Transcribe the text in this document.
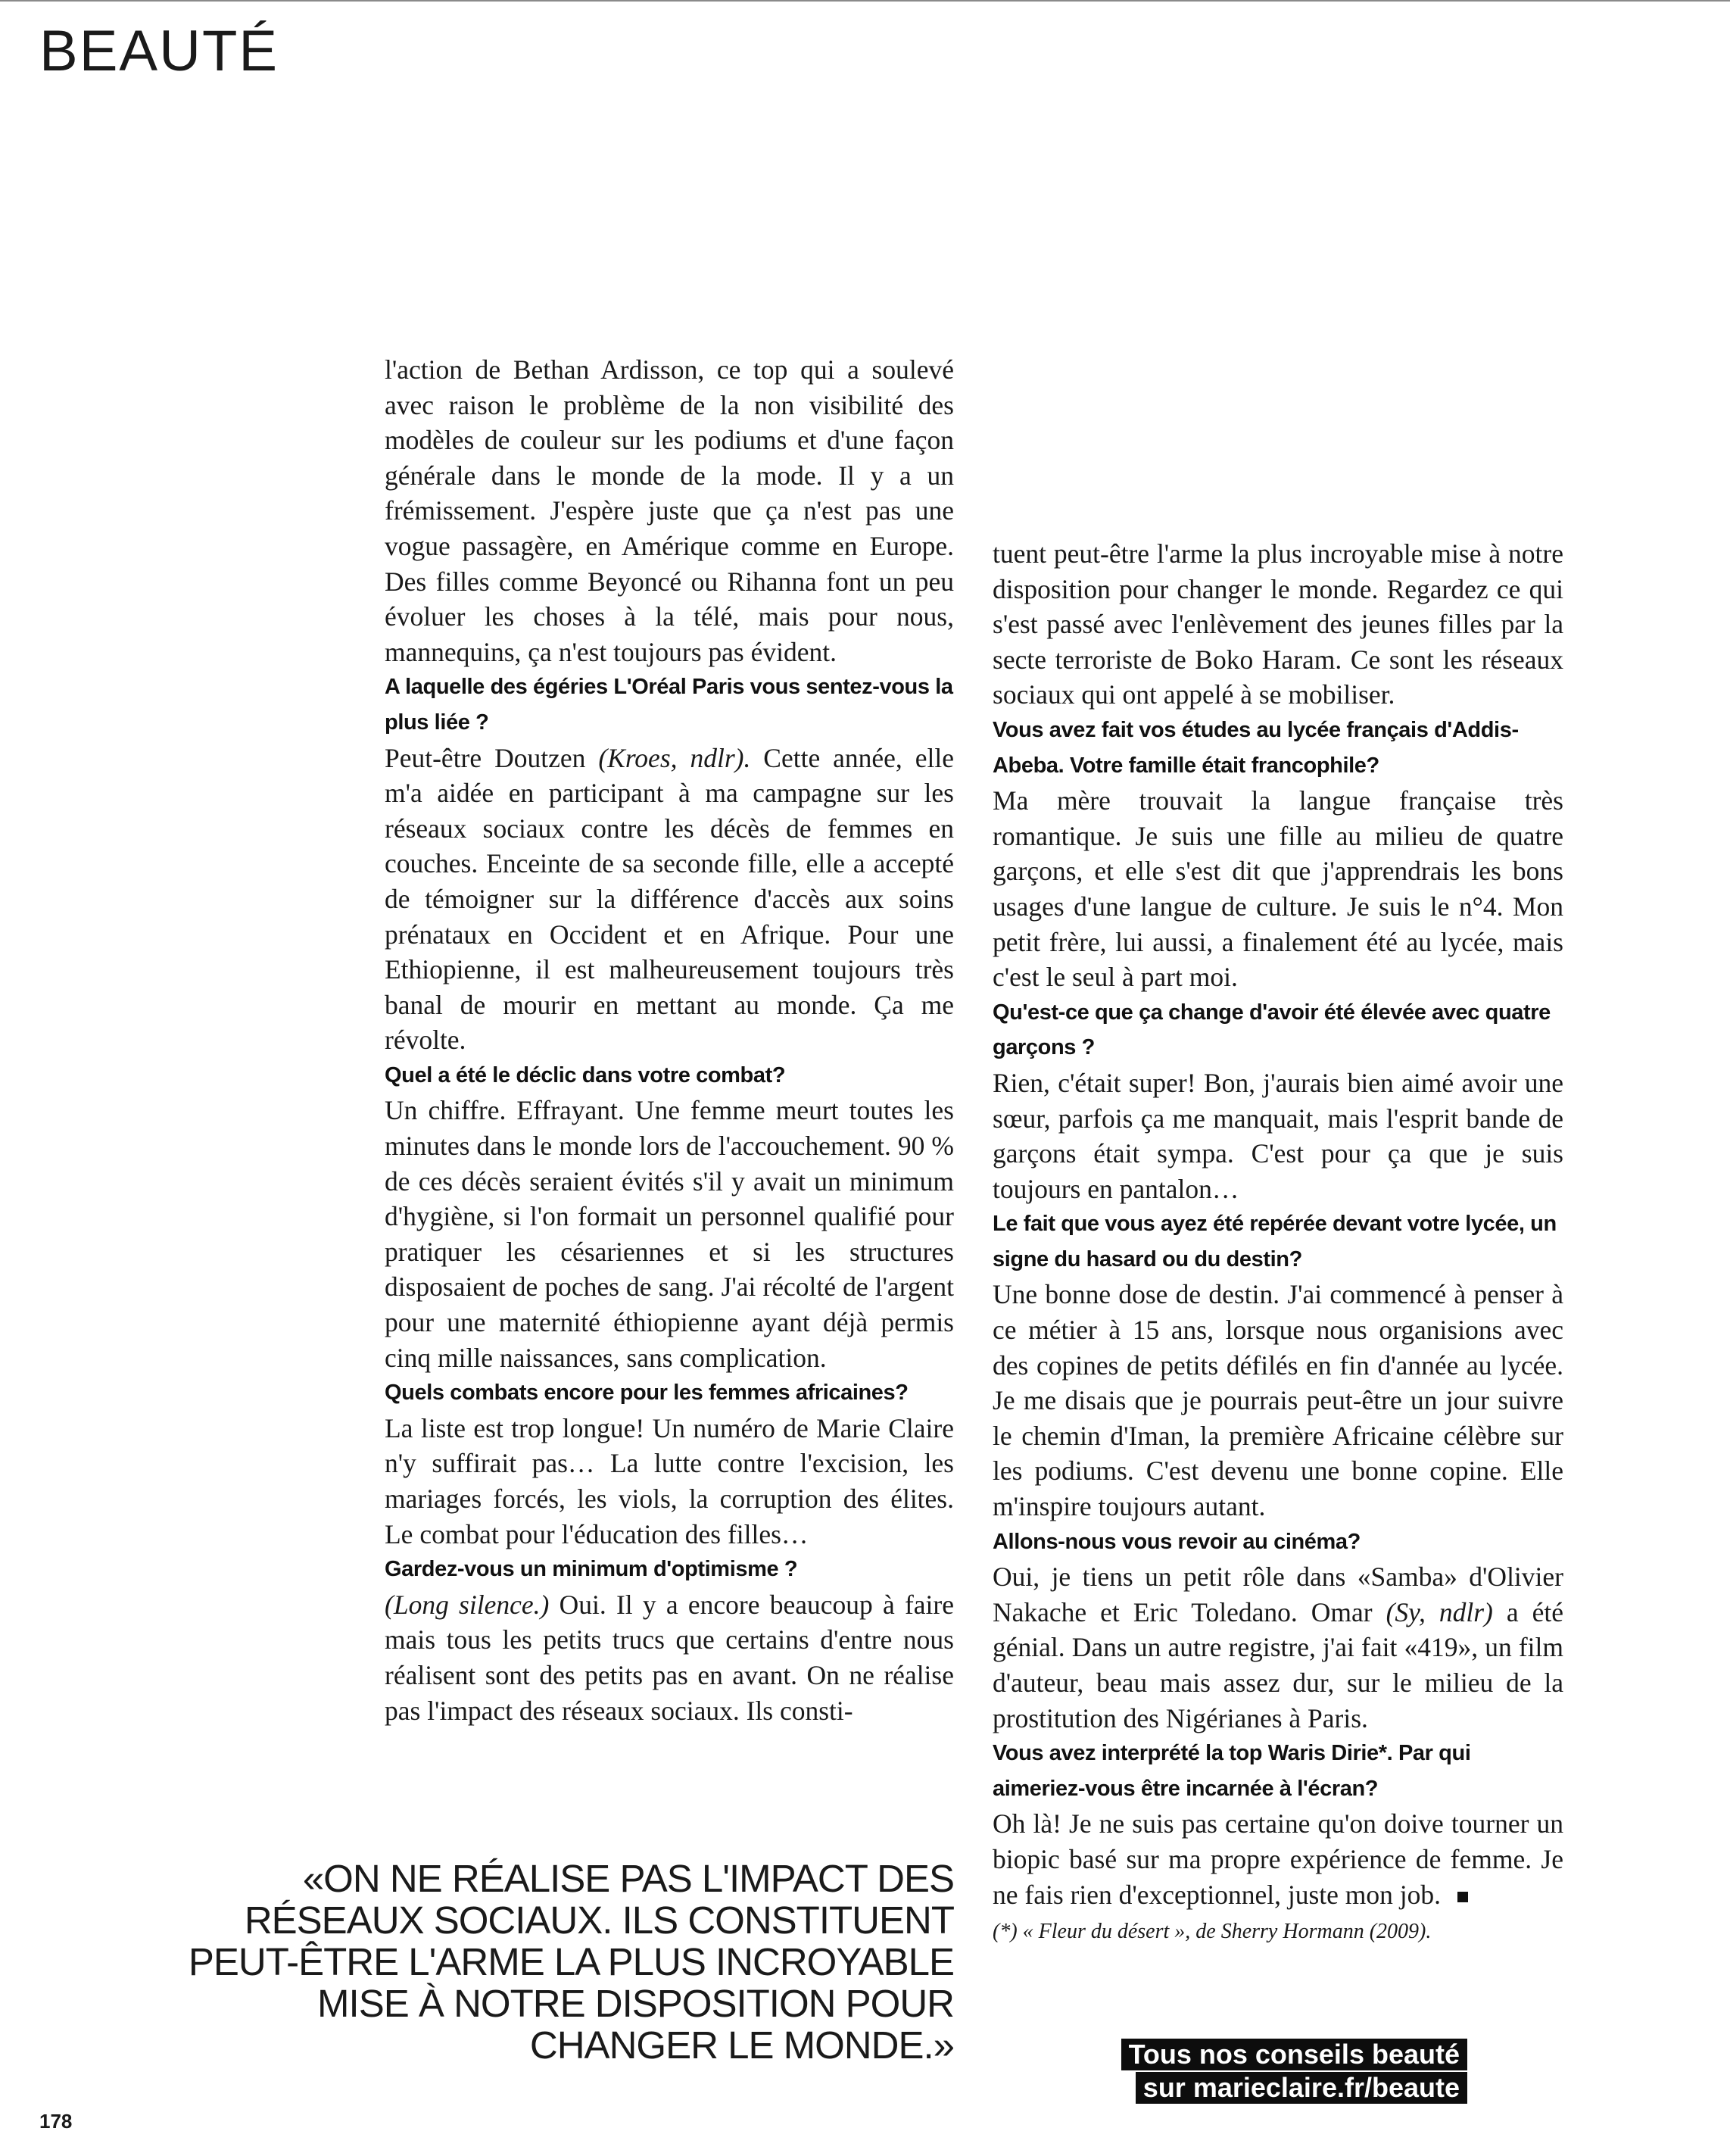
BEAUTÉ

l'action de Bethan Ardisson, ce top qui a soulevé avec raison le problème de la non visibilité des modèles de couleur sur les podiums et d'une façon générale dans le monde de la mode. Il y a un frémissement. J'espère juste que ça n'est pas une vogue passagère, en Amérique comme en Europe. Des filles comme Beyoncé ou Rihanna font un peu évoluer les choses à la télé, mais pour nous, mannequins, ça n'est toujours pas évident.

A laquelle des égéries L'Oréal Paris vous sentez-vous la plus liée ?

Peut-être Doutzen (Kroes, ndlr). Cette année, elle m'a aidée en participant à ma campagne sur les réseaux sociaux contre les décès de femmes en couches. Enceinte de sa seconde fille, elle a accepté de témoigner sur la différence d'accès aux soins prénataux en Occident et en Afrique. Pour une Ethiopienne, il est malheureusement toujours très banal de mourir en mettant au monde. Ça me révolte.

Quel a été le déclic dans votre combat?

Un chiffre. Effrayant. Une femme meurt toutes les minutes dans le monde lors de l'accouchement. 90 % de ces décès seraient évités s'il y avait un minimum d'hygiène, si l'on formait un personnel qualifié pour pratiquer les césariennes et si les structures disposaient de poches de sang. J'ai récolté de l'argent pour une maternité éthiopienne ayant déjà permis cinq mille naissances, sans complication.

Quels combats encore pour les femmes africaines?

La liste est trop longue! Un numéro de Marie Claire n'y suffirait pas… La lutte contre l'excision, les mariages forcés, les viols, la corruption des élites. Le combat pour l'éducation des filles…

Gardez-vous un minimum d'optimisme ?

(Long silence.) Oui. Il y a encore beaucoup à faire mais tous les petits trucs que certains d'entre nous réalisent sont des petits pas en avant. On ne réalise pas l'impact des réseaux sociaux. Ils consti-

tuent peut-être l'arme la plus incroyable mise à notre disposition pour changer le monde. Regardez ce qui s'est passé avec l'enlèvement des jeunes filles par la secte terroriste de Boko Haram. Ce sont les réseaux sociaux qui ont appelé à se mobiliser.

Vous avez fait vos études au lycée français d'Addis-Abeba. Votre famille était francophile?

Ma mère trouvait la langue française très romantique. Je suis une fille au milieu de quatre garçons, et elle s'est dit que j'apprendrais les bons usages d'une langue de culture. Je suis le n°4. Mon petit frère, lui aussi, a finalement été au lycée, mais c'est le seul à part moi.

Qu'est-ce que ça change d'avoir été élevée avec quatre garçons ?

Rien, c'était super! Bon, j'aurais bien aimé avoir une sœur, parfois ça me manquait, mais l'esprit bande de garçons était sympa. C'est pour ça que je suis toujours en pantalon…

Le fait que vous ayez été repérée devant votre lycée, un signe du hasard ou du destin?

Une bonne dose de destin. J'ai commencé à penser à ce métier à 15 ans, lorsque nous organisions avec des copines de petits défilés en fin d'année au lycée. Je me disais que je pourrais peut-être un jour suivre le chemin d'Iman, la première Africaine célèbre sur les podiums. C'est devenu une bonne copine. Elle m'inspire toujours autant.

Allons-nous vous revoir au cinéma?

Oui, je tiens un petit rôle dans «Samba» d'Olivier Nakache et Eric Toledano. Omar (Sy, ndlr) a été génial. Dans un autre registre, j'ai fait «419», un film d'auteur, beau mais assez dur, sur le milieu de la prostitution des Nigérianes à Paris.

Vous avez interprété la top Waris Dirie*. Par qui aimeriez-vous être incarnée à l'écran?

Oh là! Je ne suis pas certaine qu'on doive tourner un biopic basé sur ma propre expérience de femme. Je ne fais rien d'exceptionnel, juste mon job.

(*) « Fleur du désert », de Sherry Hormann (2009).

«ON NE RÉALISE PAS L'IMPACT DES RÉSEAUX SOCIAUX. ILS CONSTITUENT PEUT-ÊTRE L'ARME LA PLUS INCROYABLE MISE À NOTRE DISPOSITION POUR CHANGER LE MONDE.»	Tous nos conseils beauté
sur marieclaire.fr/beaute

178
